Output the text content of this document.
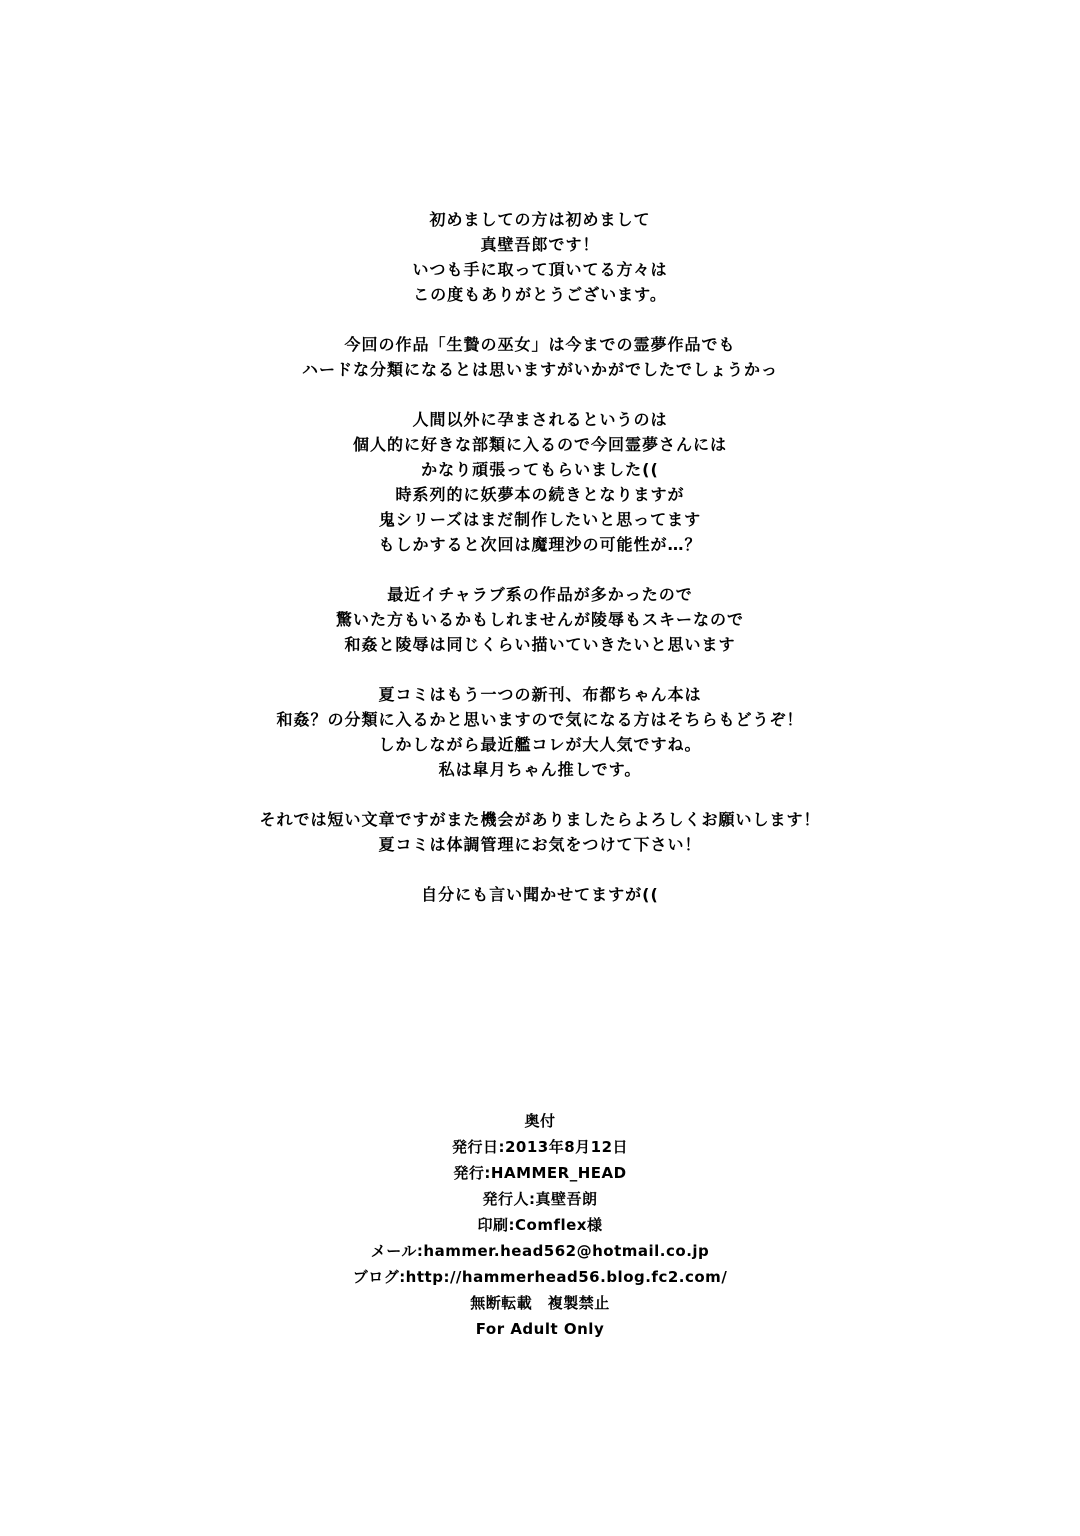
初めましての方は初めまして
真壁吾郎です！
いつも手に取って頂いてる方々は
この度もありがとうございます。
今回の作品「生贄の巫女」は今までの霊夢作品でも
ハードな分類になるとは思いますがいかがでしたでしょうかっ
人間以外に孕まされるというのは
個人的に好きな部類に入るので今回霊夢さんには
かなり頑張ってもらいました((
時系列的に妖夢本の続きとなりますが
鬼シリーズはまだ制作したいと思ってます
もしかすると次回は魔理沙の可能性が…？
最近イチャラブ系の作品が多かったので
驚いた方もいるかもしれませんが陵辱もスキーなので
和姦と陵辱は同じくらい描いていきたいと思います
夏コミはもう一つの新刊、布都ちゃん本は
和姦？の分類に入るかと思いますので気になる方はそちらもどうぞ！
しかしながら最近艦コレが大人気ですね。
私は皐月ちゃん推しです。
それでは短い文章ですがまた機会がありましたらよろしくお願いします！
夏コミは体調管理にお気をつけて下さい！
自分にも言い聞かせてますが((
奥付
発行日:2013年8月12日
発行:HAMMER_HEAD
発行人:真壁吾朗
印刷:Comflex様
メール:hammer.head562@hotmail.co.jp
ブログ:http://hammerhead56.blog.fc2.com/
無断転載　複製禁止
For Adult Only
